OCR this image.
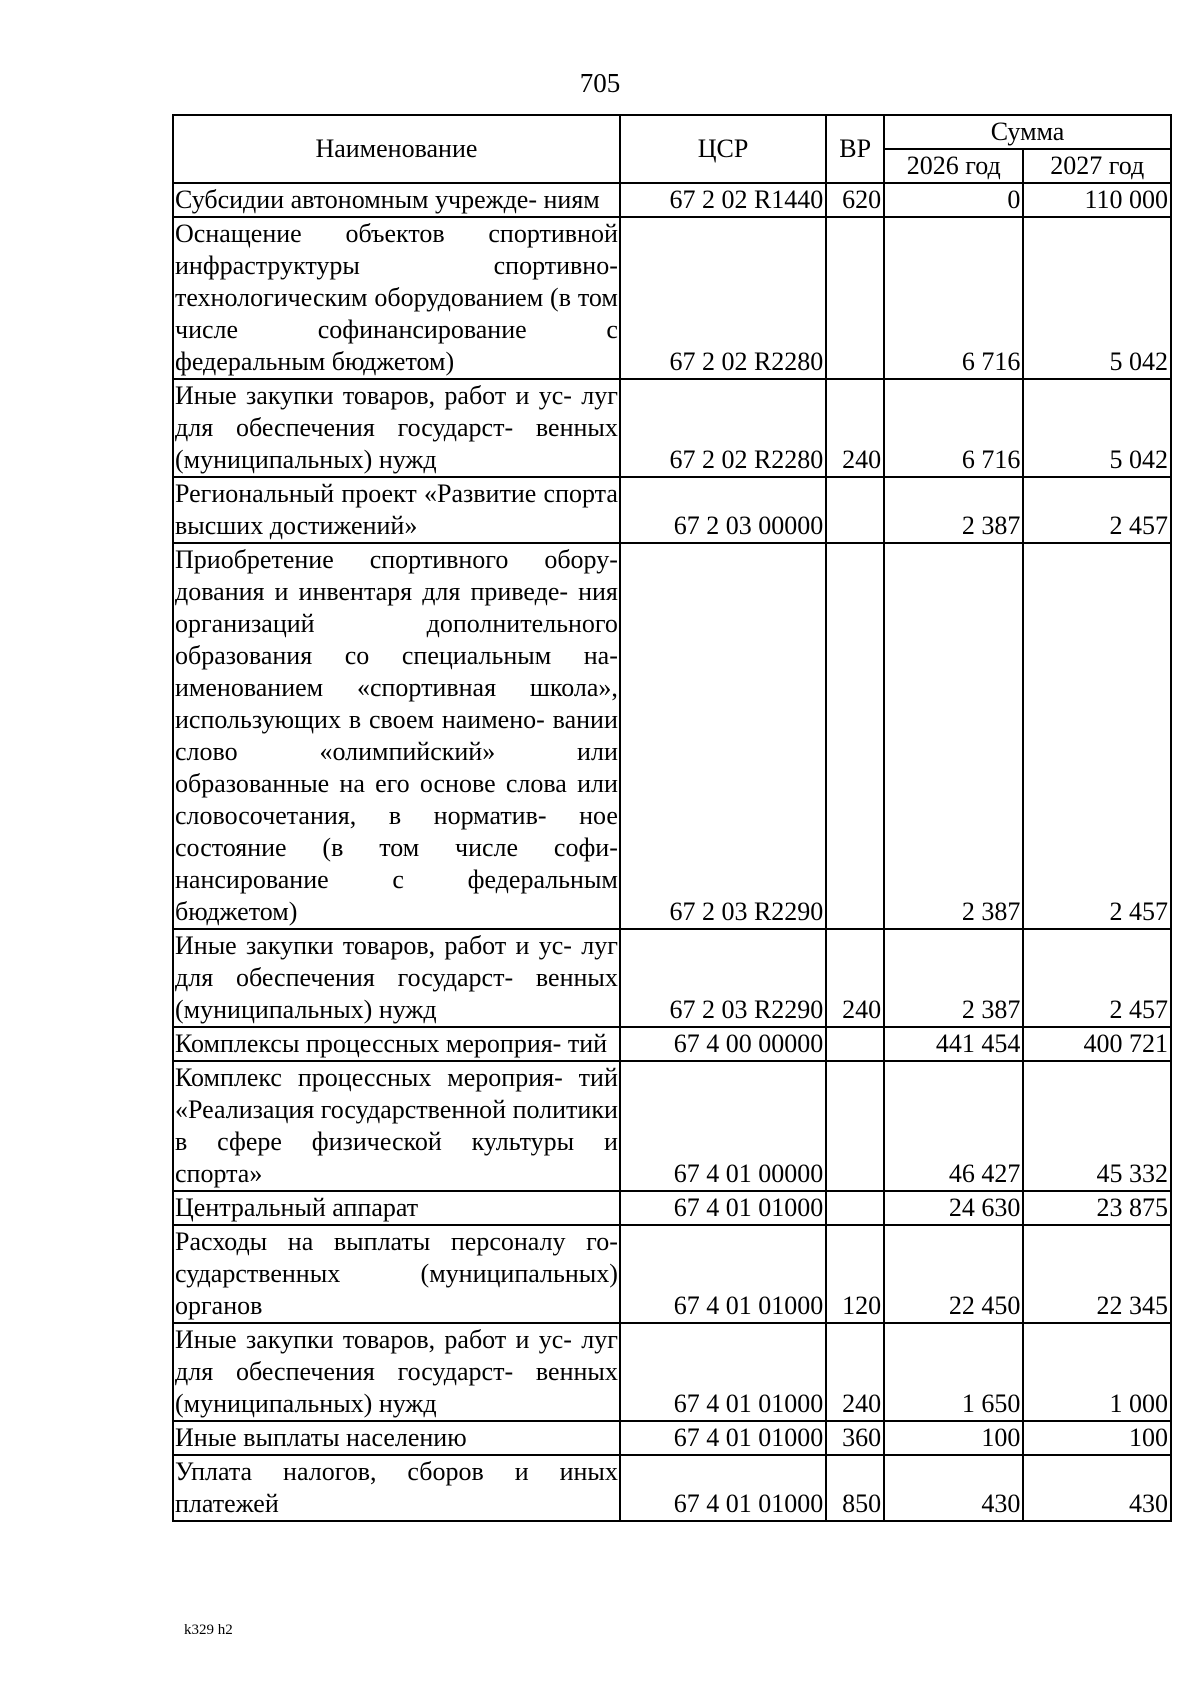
705
Наименование	ЦСР	ВР	Сумма	
			2026 год	2027 год
Субсидии автономным учрежде- ниям	67 2 02 R1440	620	0	110 000
Оснащение объектов спортивной инфраструктуры спортивно- технологическим оборудованием (в том числе софинансирование с федеральным бюджетом)	67 2 02 R2280		6 716	5 042
Иные закупки товаров, работ и ус- луг для обеспечения государст- венных (муниципальных) нужд	67 2 02 R2280	240	6 716	5 042
Региональный проект «Развитие спорта высших достижений»	67 2 03 00000		2 387	2 457
Приобретение спортивного обору- дования и инвентаря для приведе- ния организаций дополнительного образования со специальным на- именованием «спортивная школа», использующих в своем наимено- вании слово «олимпийский» или образованные на его основе слова или словосочетания, в норматив- ное состояние (в том числе софи- нансирование с федеральным бюджетом)	67 2 03 R2290		2 387	2 457
Иные закупки товаров, работ и ус- луг для обеспечения государст- венных (муниципальных) нужд	67 2 03 R2290	240	2 387	2 457
Комплексы процессных мероприя- тий	67 4 00 00000		441 454	400 721
Комплекс процессных мероприя- тий «Реализация государственной политики в сфере физической культуры и спорта»	67 4 01 00000		46 427	45 332
Центральный аппарат	67 4 01 01000		24 630	23 875
Расходы на выплаты персоналу го- сударственных (муниципальных) органов	67 4 01 01000	120	22 450	22 345
Иные закупки товаров, работ и ус- луг для обеспечения государст- венных (муниципальных) нужд	67 4 01 01000	240	1 650	1 000
Иные выплаты населению	67 4 01 01000	360	100	100
Уплата налогов, сборов и иных платежей	67 4 01 01000	850	430	430
k329 h2
